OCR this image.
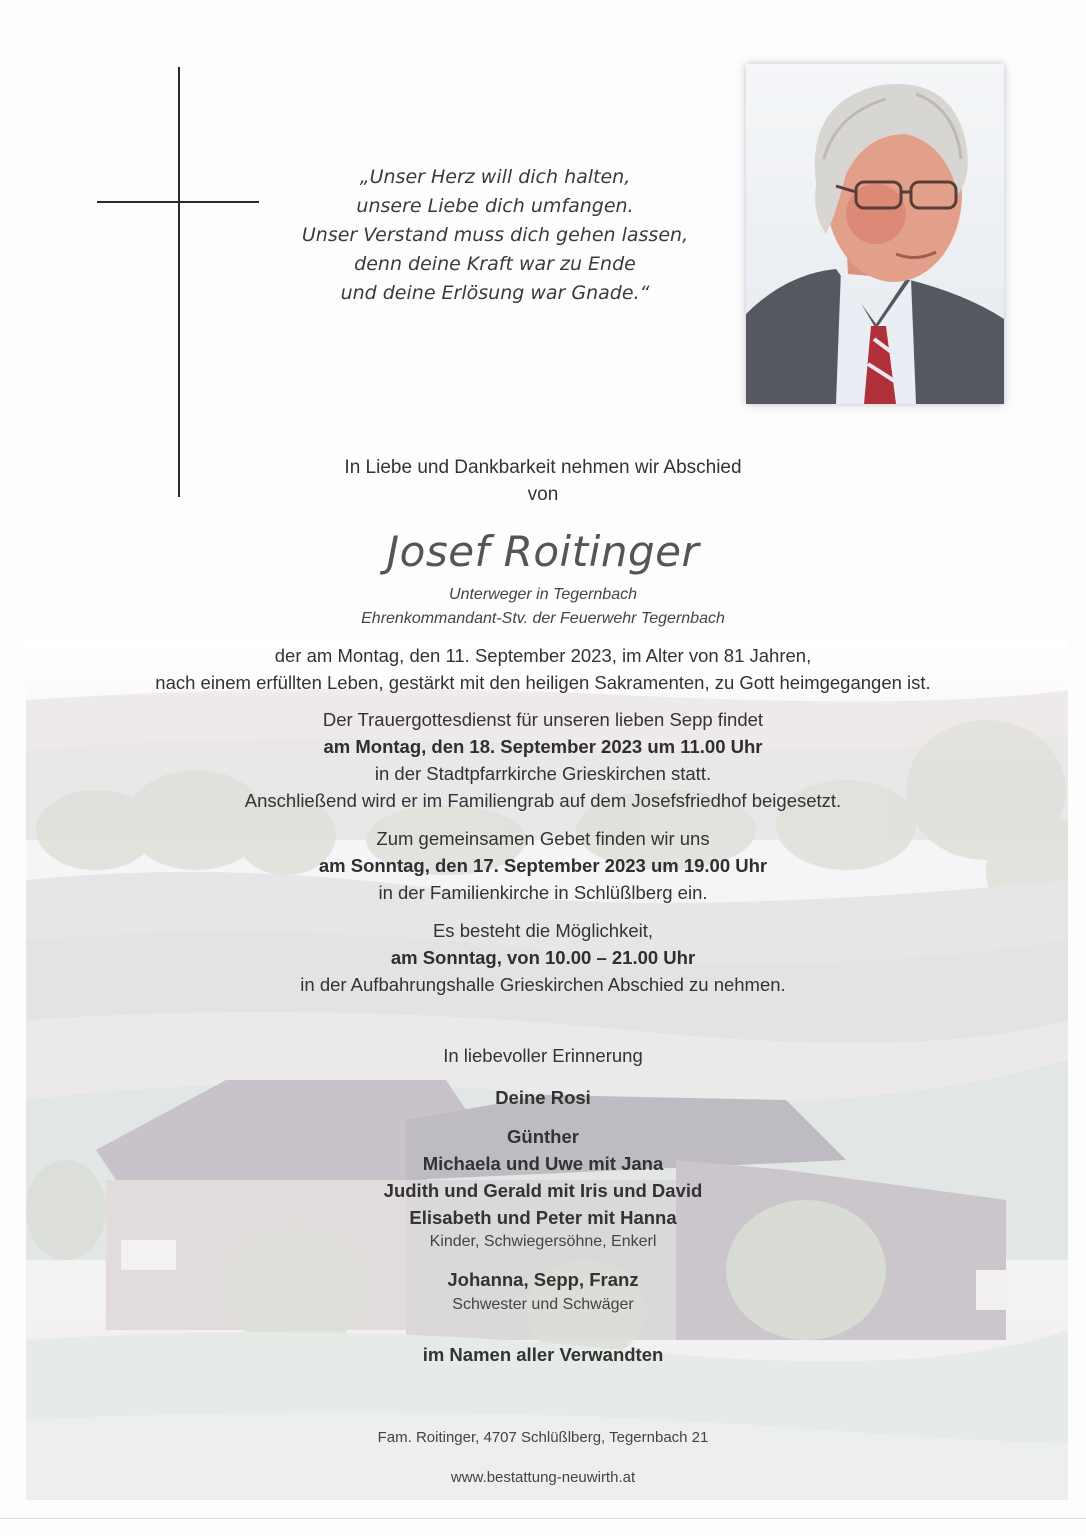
„Unser Herz will dich halten,
unsere Liebe dich umfangen.
Unser Verstand muss dich gehen lassen,
denn deine Kraft war zu Ende
und deine Erlösung war Gnade.“
In Liebe und Dankbarkeit nehmen wir Abschied
von
Josef Roitinger
Unterweger in Tegernbach
Ehrenkommandant-Stv. der Feuerwehr Tegernbach
der am Montag, den 11. September 2023, im Alter von 81 Jahren,
nach einem erfüllten Leben, gestärkt mit den heiligen Sakramenten, zu Gott heimgegangen ist.
Der Trauergottesdienst für unseren lieben Sepp findet
am Montag, den 18. September 2023 um 11.00 Uhr
in der Stadtpfarrkirche Grieskirchen statt.
Anschließend wird er im Familiengrab auf dem Josefsfriedhof beigesetzt.
Zum gemeinsamen Gebet finden wir uns
am Sonntag, den 17. September 2023 um 19.00 Uhr
in der Familienkirche in Schlüßlberg ein.
Es besteht die Möglichkeit,
am Sonntag, von 10.00 – 21.00 Uhr
in der Aufbahrungshalle Grieskirchen Abschied zu nehmen.
In liebevoller Erinnerung
Deine Rosi
Günther
Michaela und Uwe mit Jana
Judith und Gerald mit Iris und David
Elisabeth und Peter mit Hanna
Kinder, Schwiegersöhne, Enkerl
Johanna, Sepp, Franz
Schwester und Schwäger
im Namen aller Verwandten
Fam. Roitinger, 4707 Schlüßlberg, Tegernbach 21
www.bestattung-neuwirth.at
